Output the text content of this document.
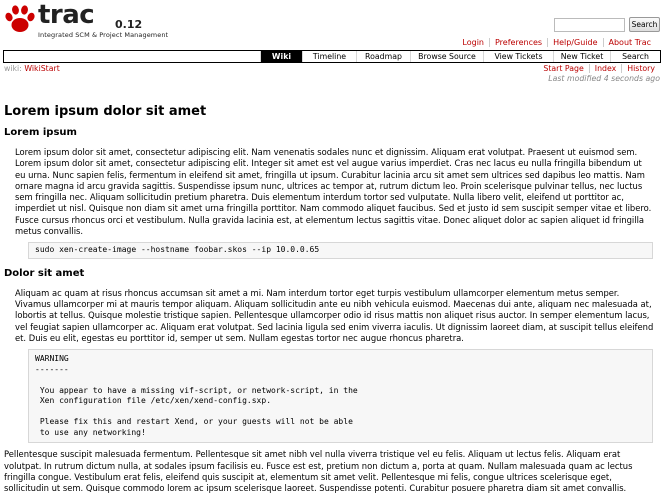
trac 0.12
Integrated SCM & Project Management
Search
Login Preferences Help/Guide About Trac
Wiki	Timeline	Roadmap	Browse Source	View Tickets	New Ticket	Search
wiki: WikiStart	Start Page Index History
Last modified 4 seconds ago
Lorem ipsum dolor sit amet
Lorem ipsum

Lorem ipsum dolor sit amet, consectetur adipiscing elit. Nam venenatis sodales nunc et dignissim. Aliquam erat volutpat. Praesent ut euismod sem. Lorem ipsum dolor sit amet, consectetur adipiscing elit. Integer sit amet est vel augue varius imperdiet. Cras nec lacus eu nulla fringilla bibendum ut eu urna. Nunc sapien felis, fermentum in eleifend sit amet, fringilla ut ipsum. Curabitur lacinia arcu sit amet sem ultrices sed dapibus leo mattis. Nam ornare magna id arcu gravida sagittis. Suspendisse ipsum nunc, ultrices ac tempor at, rutrum dictum leo. Proin scelerisque pulvinar tellus, nec luctus sem fringilla nec. Aliquam sollicitudin pretium pharetra. Duis elementum interdum tortor sed vulputate. Nulla libero velit, eleifend ut porttitor ac, imperdiet ut nisl. Quisque non diam sit amet urna fringilla porttitor. Nam commodo aliquet faucibus. Sed et justo id sem suscipit semper vitae et libero. Fusce cursus rhoncus orci et vestibulum. Nulla gravida lacinia est, at elementum lectus sagittis vitae. Donec aliquet dolor ac sapien aliquet id fringilla metus convallis.

sudo xen-create-image --hostname foobar.skos --ip 10.0.0.65
Dolor sit amet

Aliquam ac quam at risus rhoncus accumsan sit amet a mi. Nam interdum tortor eget turpis vestibulum ullamcorper elementum metus semper. Vivamus ullamcorper mi at mauris tempor aliquam. Aliquam sollicitudin ante eu nibh vehicula euismod. Maecenas dui ante, aliquam nec malesuada at, lobortis at tellus. Quisque molestie tristique sapien. Pellentesque ullamcorper odio id risus mattis non aliquet risus auctor. In semper elementum lacus, vel feugiat sapien ullamcorper ac. Aliquam erat volutpat. Sed lacinia ligula sed enim viverra iaculis. Ut dignissim laoreet diam, at suscipit tellus eleifend et. Duis eu elit, egestas eu porttitor id, semper ut sem. Nullam egestas tortor nec augue rhoncus pharetra.

WARNING
-------

You appear to have a missing vif-script, or network-script, in the
Xen configuration file /etc/xen/xend-config.sxp.

Please fix this and restart Xend, or your guests will not be able
to use any networking!

Pellentesque suscipit malesuada fermentum. Pellentesque sit amet nibh vel nulla viverra tristique vel eu felis. Aliquam ut lectus felis. Aliquam erat volutpat. In rutrum dictum nulla, at sodales ipsum facilisis eu. Fusce est est, pretium non dictum a, porta at quam. Nullam malesuada quam ac lectus fringilla congue. Vestibulum erat felis, eleifend quis suscipit at, elementum sit amet velit. Pellentesque mi felis, congue ultrices scelerisque eget, sollicitudin ut sem. Quisque commodo lorem ac ipsum scelerisque laoreet. Suspendisse potenti. Curabitur posuere pharetra diam sit amet convallis.
